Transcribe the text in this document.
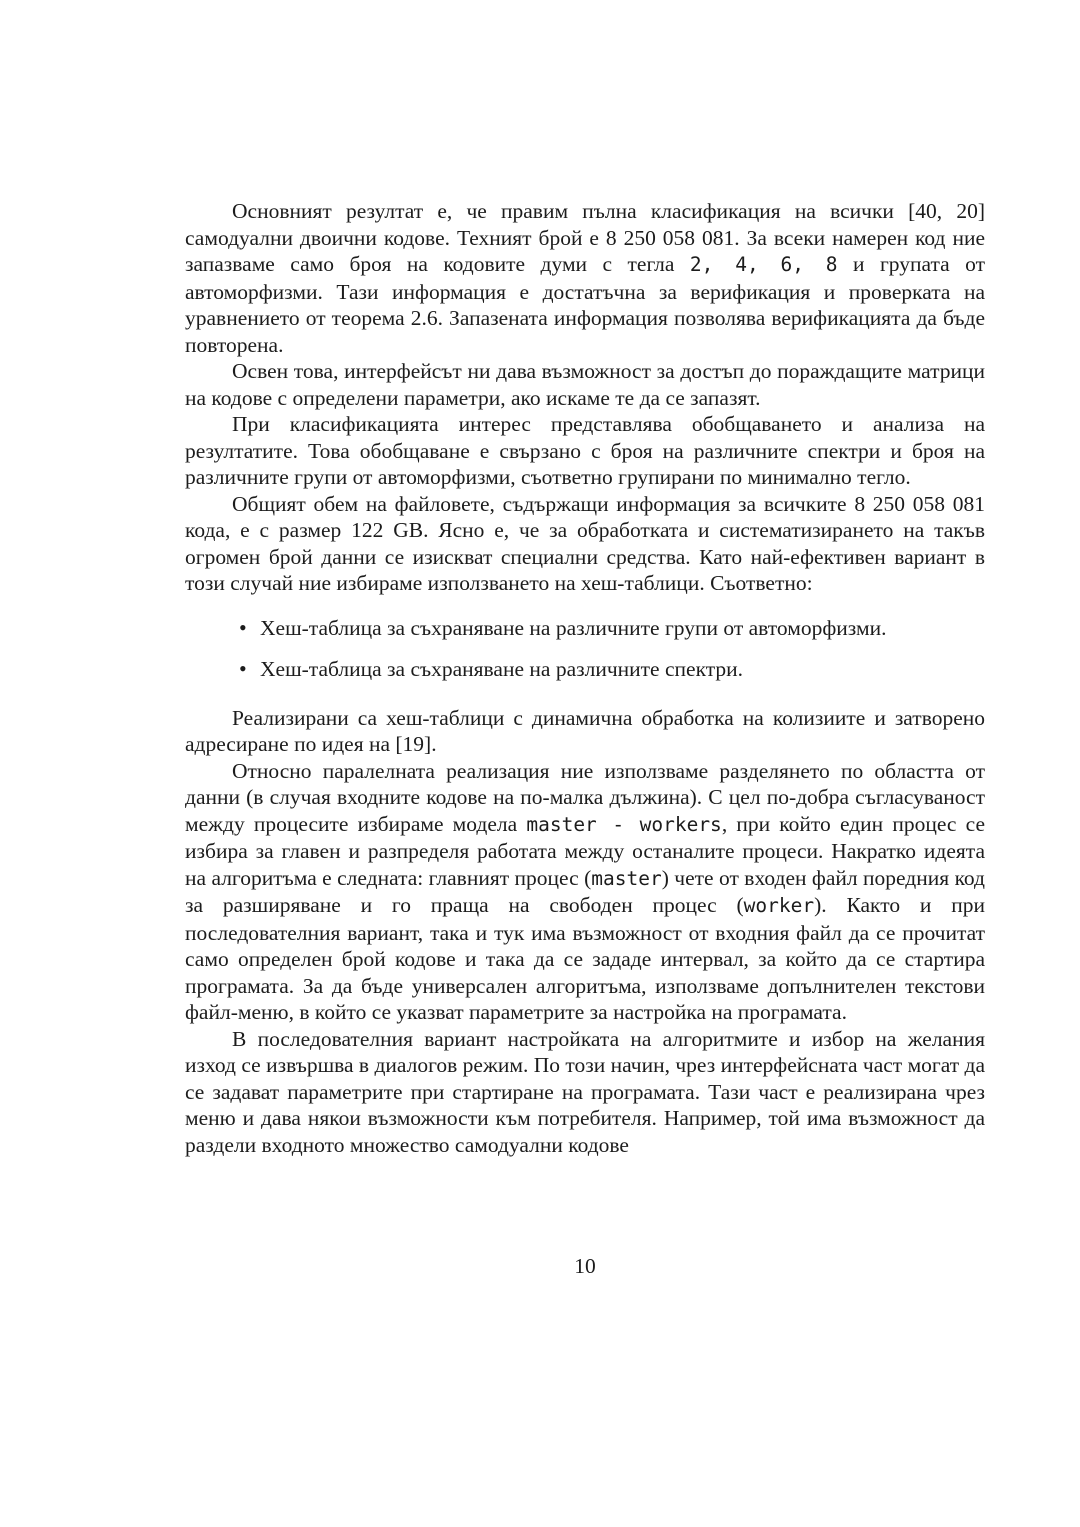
Основният резултат е, че правим пълна класификация на всички [40, 20] самодуални двоични кодове. Техният брой е 8 250 058 081. За всеки намерен код ние запазваме само броя на кодовите думи с тегла 2, 4, 6, 8 и групата от автоморфизми. Тази информация е достатъчна за верификация и проверката на уравнението от теорема 2.6. Запазената информация позволява верификацията да бъде повторена.

Освен това, интерфейсът ни дава възможност за достъп до пораждащите матрици на кодове с определени параметри, ако искаме те да се запазят.

При класификацията интерес представлява обобщаването и анализа на резултатите. Това обобщаване е свързано с броя на различните спектри и броя на различните групи от автоморфизми, съответно групирани по минимално тегло.

Общият обем на файловете, съдържащи информация за всичките 8 250 058 081 кода, е с размер 122 GB. Ясно е, че за обработката и систематизирането на такъв огромен брой данни се изискват специални средства. Като най-ефективен вариант в този случай ние избираме използването на хеш-таблици. Съответно:

• Хеш-таблица за съхраняване на различните групи от автоморфизми.
• Хеш-таблица за съхраняване на различните спектри.

Реализирани са хеш-таблици с динамична обработка на колизиите и затворено адресиране по идея на [19].

Относно паралелната реализация ние използваме разделянето по областта от данни (в случая входните кодове на по-малка дължина). С цел по-добра съгласуваност между процесите избираме модела master - workers, при който един процес се избира за главен и разпределя работата между останалите процеси. Накратко идеята на алгоритъма е следната: главният процес (master) чете от входен файл поредния код за разширяване и го праща на свободен процес (worker). Както и при последователния вариант, така и тук има възможност от входния файл да се прочитат само определен брой кодове и така да се зададе интервал, за който да се стартира програмата. За да бъде универсален алгоритъма, използваме допълнителен текстови файл-меню, в който се указват параметрите за настройка на програмата.

В последователния вариант настройката на алгоритмите и избор на желания изход се извършва в диалогов режим. По този начин, чрез интерфейсната част могат да се задават параметрите при стартиране на програмата. Тази част е реализирана чрез меню и дава някои възможности към потребителя. Например, той има възможност да раздели входното множество самодуални кодове

10
